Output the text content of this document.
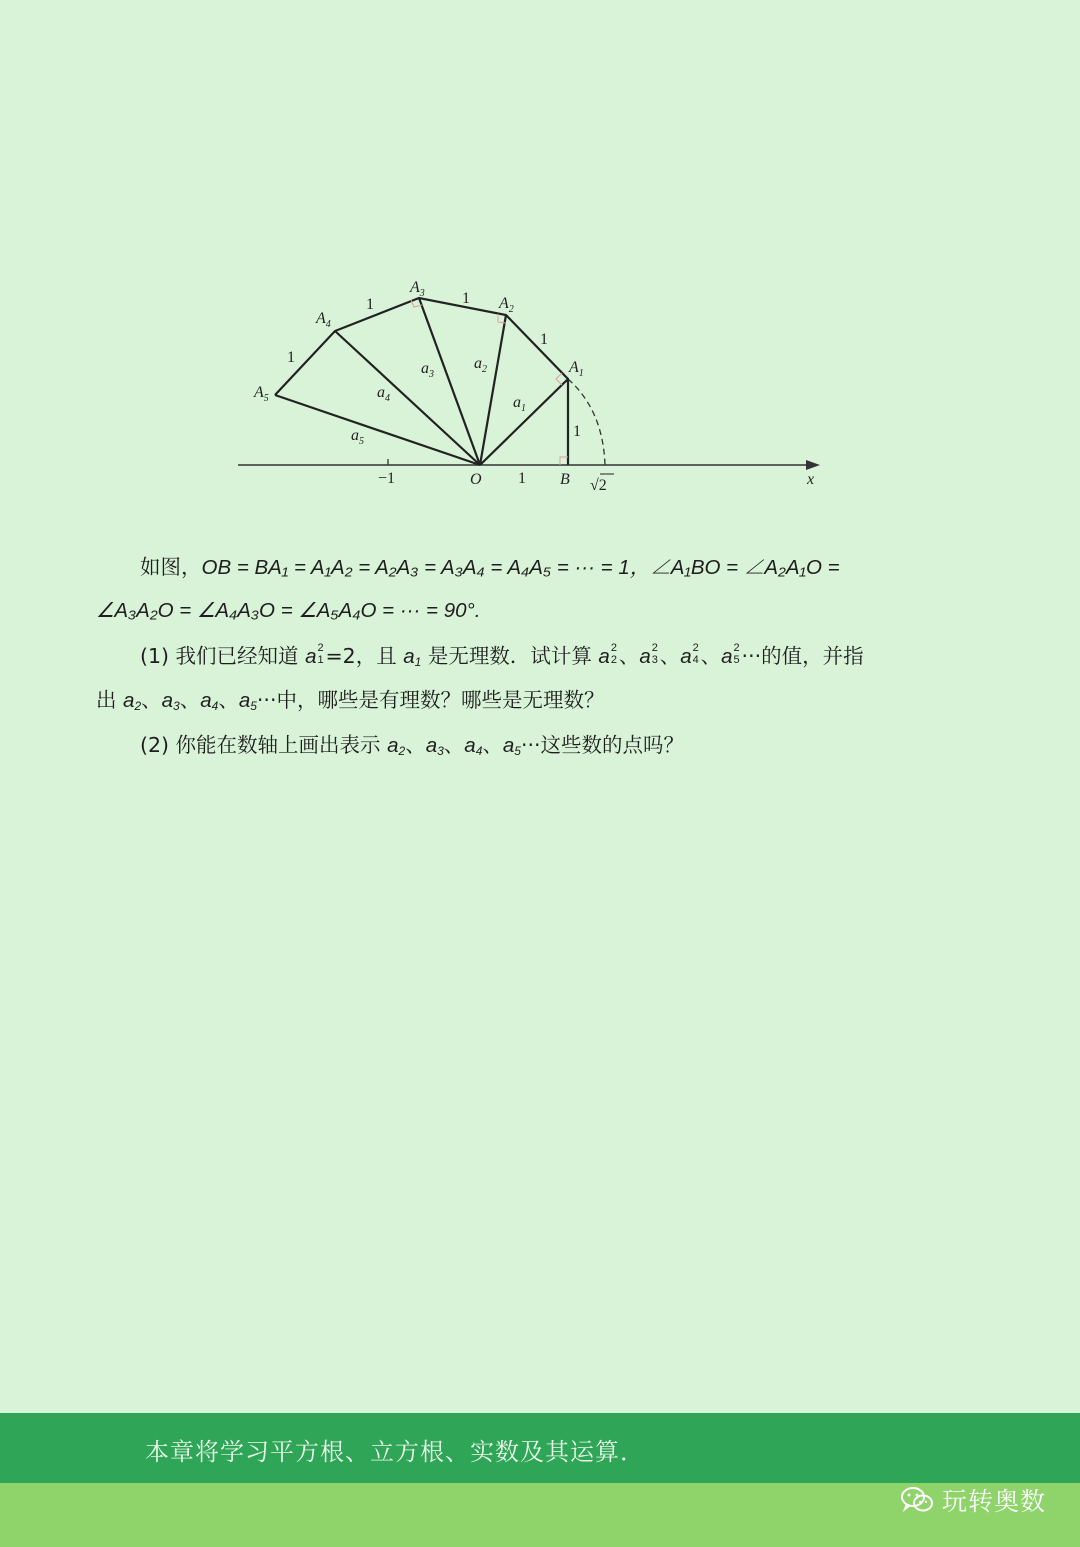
$A_1$
$A_2$
$A_3$
$A_4$
$A_5$
O	B	x
1
1
1
1
1
$a_1$
$a_2$
$a_3$
$a_4$
$a_5$
−1	1	√2
如图，OB = BA₁ = A₁A₂ = A₂A₃ = A₃A₄ = A₄A₅ = ··· = 1，∠A₁BO = ∠A₂A₁O =
∠A₃A₂O = ∠A₄A₃O = ∠A₅A₄O = ··· = 90°.
(1) 我们已经知道 a 2
1 =2，且 $a_1$ 是无理数．试计算 a 2
2 、a 2
3 、a 2
4 、a 2
5 ···的值，并指
出 $a_2$、$a_3$、$a_4$、$a_5\cdot\cdot\cdot$中，哪些是有理数？哪些是无理数？
(2) 你能在数轴上画出表示 $a_2$、$a_3$、$a_4$、$a_5\cdot\cdot\cdot$这些数的点吗？
本章将学习平方根、立方根、实数及其运算．
玩转奥数
